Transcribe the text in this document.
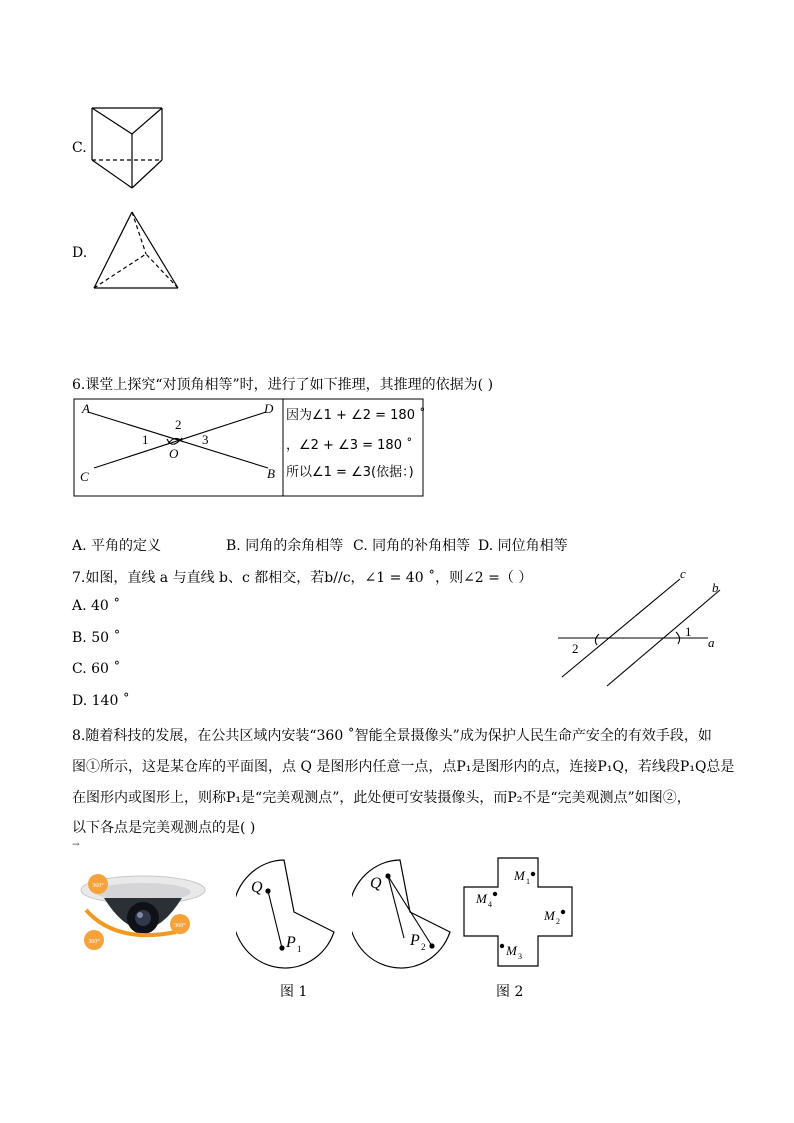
C.
D.
6.课堂上探究“对顶角相等”时，进行了如下推理，其推理的依据为( )
A	D
C	B
O
1
2
3
因为∠1 + ∠2 = 180 ˚
，∠2 + ∠3 = 180 ˚
所以∠1 = ∠3(依据：)
A. 平角的定义	B. 同角的余角相等 C. 同角的补角相等 D. 同位角相等
7.如图，直线 a 与直线 b、c 都相交，若b//c，∠1 = 40 ˚，则∠2 =（ ）
A. 40 ˚
B. 50 ˚
C. 60 ˚
D. 140 ˚
c
b
a
1
2
8.随着科技的发展，在公共区域内安装“360 ˚智能全景摄像头”成为保护人民生命产安全的有效手段，如
图①所示，这是某仓库的平面图，点 Q 是图形内任意一点，点P₁是图形内的点，连接P₁Q，若线段P₁Q总是
在图形内或图形上，则称P₁是“完美观测点”，此处便可安装摄像头，而P₂不是“完美观测点”如图②，
以下各点是完美观测点的是( )
→
360°
360°
360°
Q
P 1
图 1
Q
P 2
M 1
M 2
M 3
M 4
图 2
